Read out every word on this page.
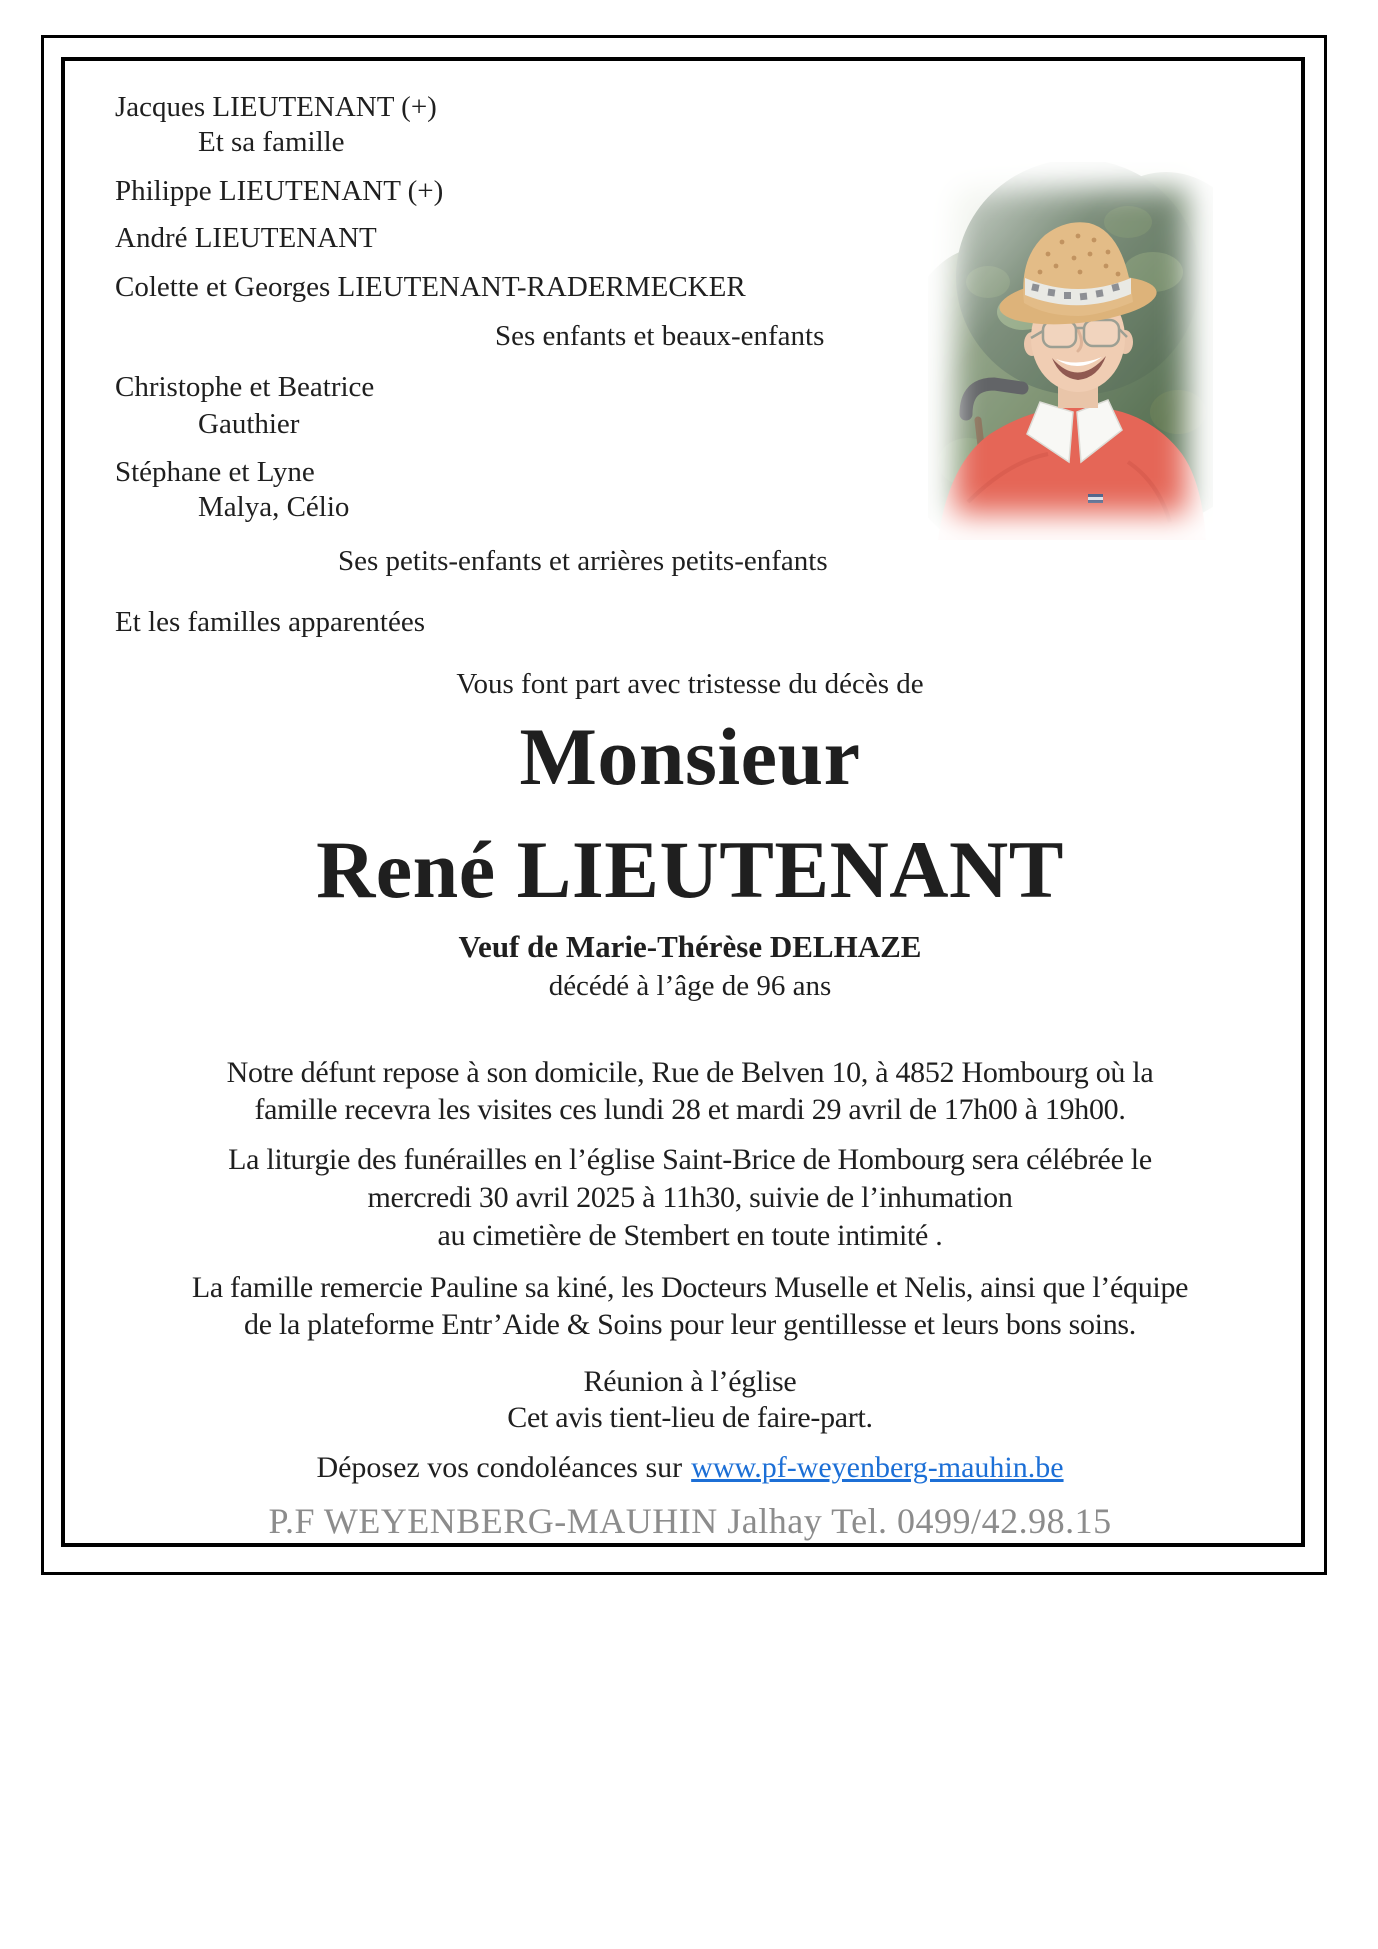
Jacques LIEUTENANT (+)
Et sa famille
Philippe LIEUTENANT (+)
André LIEUTENANT
Colette et Georges LIEUTENANT-RADERMECKER
Ses enfants et beaux-enfants
Christophe et Beatrice
Gauthier
Stéphane et Lyne
Malya, Célio
Ses petits-enfants et arrières petits-enfants
Et les familles apparentées
Vous font part avec tristesse du décès de
Monsieur
René LIEUTENANT
Veuf de Marie-Thérèse DELHAZE
décédé à l’âge de 96 ans
Notre défunt repose à son domicile, Rue de Belven 10, à 4852 Hombourg où la
famille recevra les visites ces lundi 28 et mardi 29 avril de 17h00 à 19h00.
La liturgie des funérailles en l’église Saint-Brice de Hombourg sera célébrée le
mercredi 30 avril 2025 à 11h30, suivie de l’inhumation
au cimetière de Stembert en toute intimité .
La famille remercie Pauline sa kiné, les Docteurs Muselle et Nelis, ainsi que l’équipe
de la plateforme Entr’Aide & Soins pour leur gentillesse et leurs bons soins.
Réunion à l’église
Cet avis tient-lieu de faire-part.
Déposez vos condoléances sur www.pf-weyenberg-mauhin.be
P.F WEYENBERG-MAUHIN Jalhay Tel. 0499/42.98.15
